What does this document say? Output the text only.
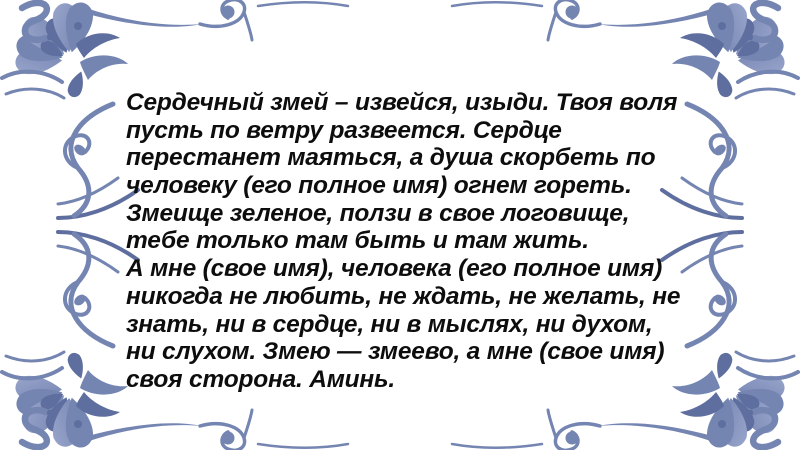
Сердечный змей – извейся, изыди. Твоя воля
пусть по ветру развеется. Сердце
перестанет маяться, а душа скорбеть по
человеку (его полное имя) огнем гореть.
Змеище зеленое, ползи в свое логовище,
тебе только там быть и там жить.
А мне (свое имя), человека (его полное имя)
никогда не любить, не ждать, не желать, не
знать, ни в сердце, ни в мыслях, ни духом,
ни слухом. Змею — змеево, а мне (свое имя)
своя сторона. Аминь.
